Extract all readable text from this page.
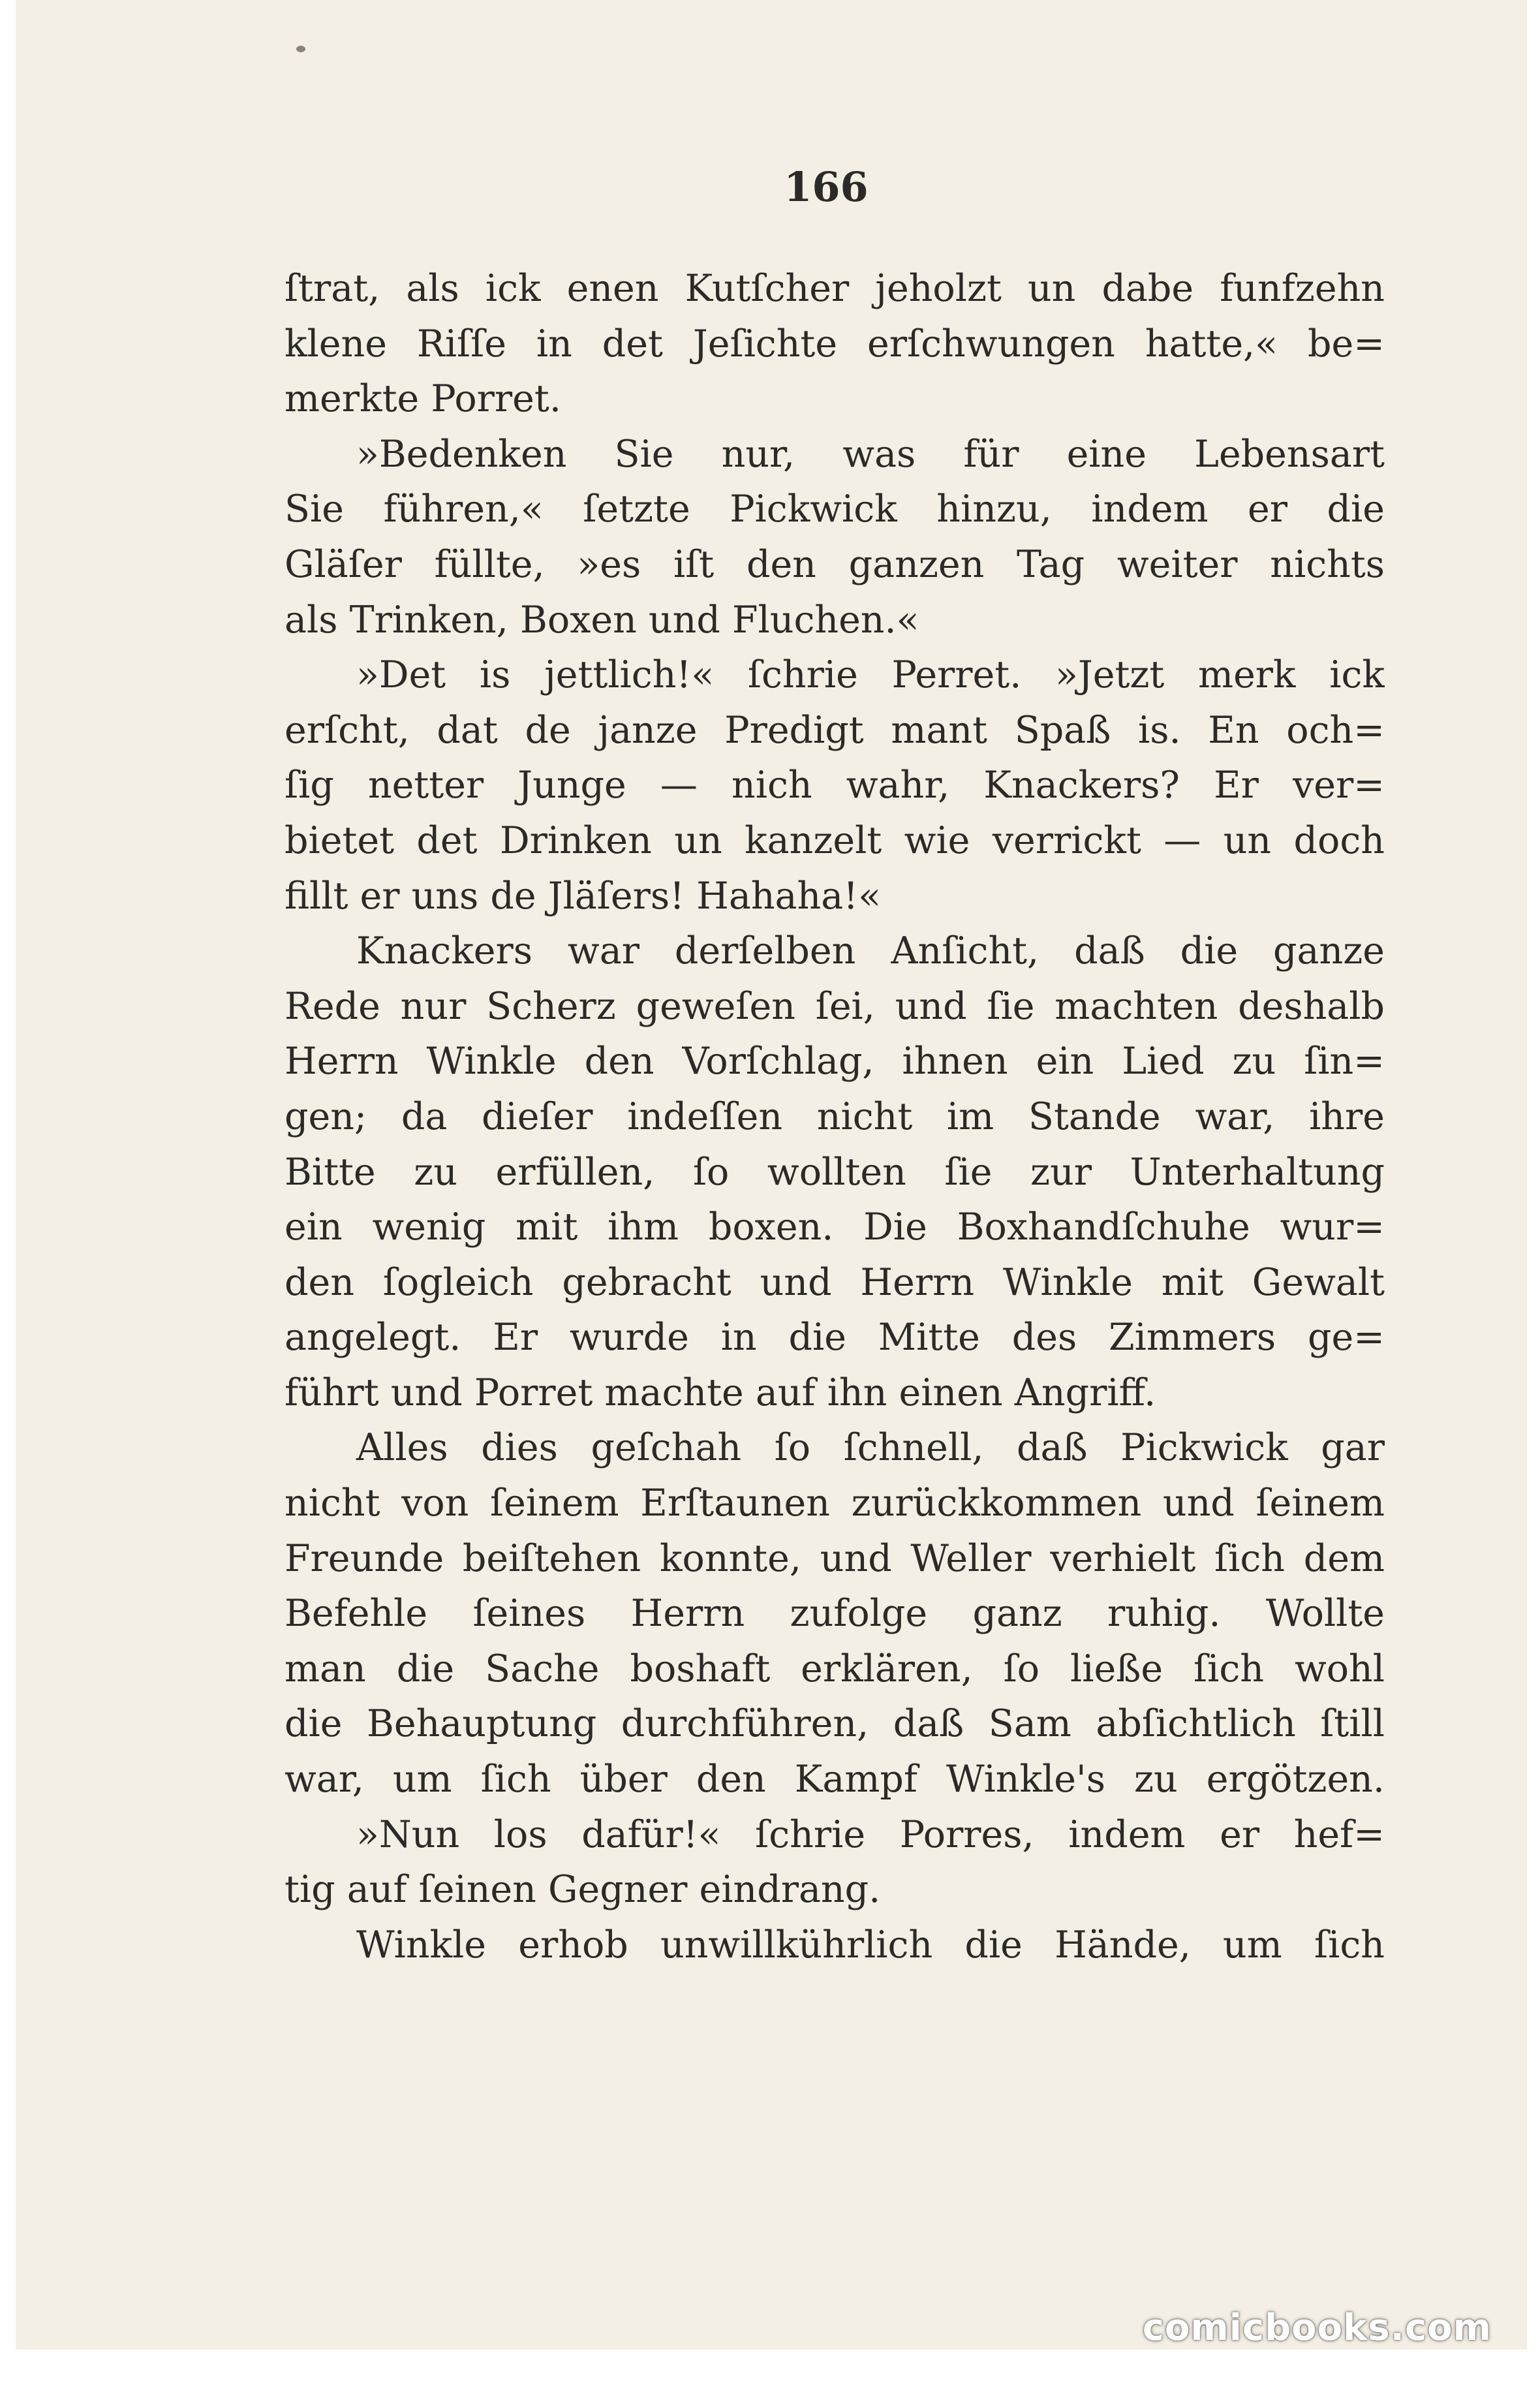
166
ſtrat, als ick enen Kutſcher jeholzt un dabe funfzehn
klene Riſſe in det Jeſichte erſchwungen hatte,« be=
merkte Porret.
»Bedenken Sie nur, was für eine Lebensart
Sie führen,« ſetzte Pickwick hinzu, indem er die
Gläſer füllte, »es iſt den ganzen Tag weiter nichts
als Trinken, Boxen und Fluchen.«
»Det is jettlich!« ſchrie Perret. »Jetzt merk ick
erſcht, dat de janze Predigt mant Spaß is. En och=
ſig netter Junge — nich wahr, Knackers? Er ver=
bietet det Drinken un kanzelt wie verrickt — un doch
fillt er uns de Jläſers! Hahaha!«
Knackers war derſelben Anſicht, daß die ganze
Rede nur Scherz geweſen ſei, und ſie machten deshalb
Herrn Winkle den Vorſchlag, ihnen ein Lied zu ſin=
gen; da dieſer indeſſen nicht im Stande war, ihre
Bitte zu erfüllen, ſo wollten ſie zur Unterhaltung
ein wenig mit ihm boxen. Die Boxhandſchuhe wur=
den ſogleich gebracht und Herrn Winkle mit Gewalt
angelegt. Er wurde in die Mitte des Zimmers ge=
führt und Porret machte auf ihn einen Angriff.
Alles dies geſchah ſo ſchnell, daß Pickwick gar
nicht von ſeinem Erſtaunen zurückkommen und ſeinem
Freunde beiſtehen konnte, und Weller verhielt ſich dem
Befehle ſeines Herrn zufolge ganz ruhig. Wollte
man die Sache boshaft erklären, ſo ließe ſich wohl
die Behauptung durchführen, daß Sam abſichtlich ſtill
war, um ſich über den Kampf Winkle's zu ergötzen.
»Nun los dafür!« ſchrie Porres, indem er hef=
tig auf ſeinen Gegner eindrang.
Winkle erhob unwillkührlich die Hände, um ſich
comicbooks.com
